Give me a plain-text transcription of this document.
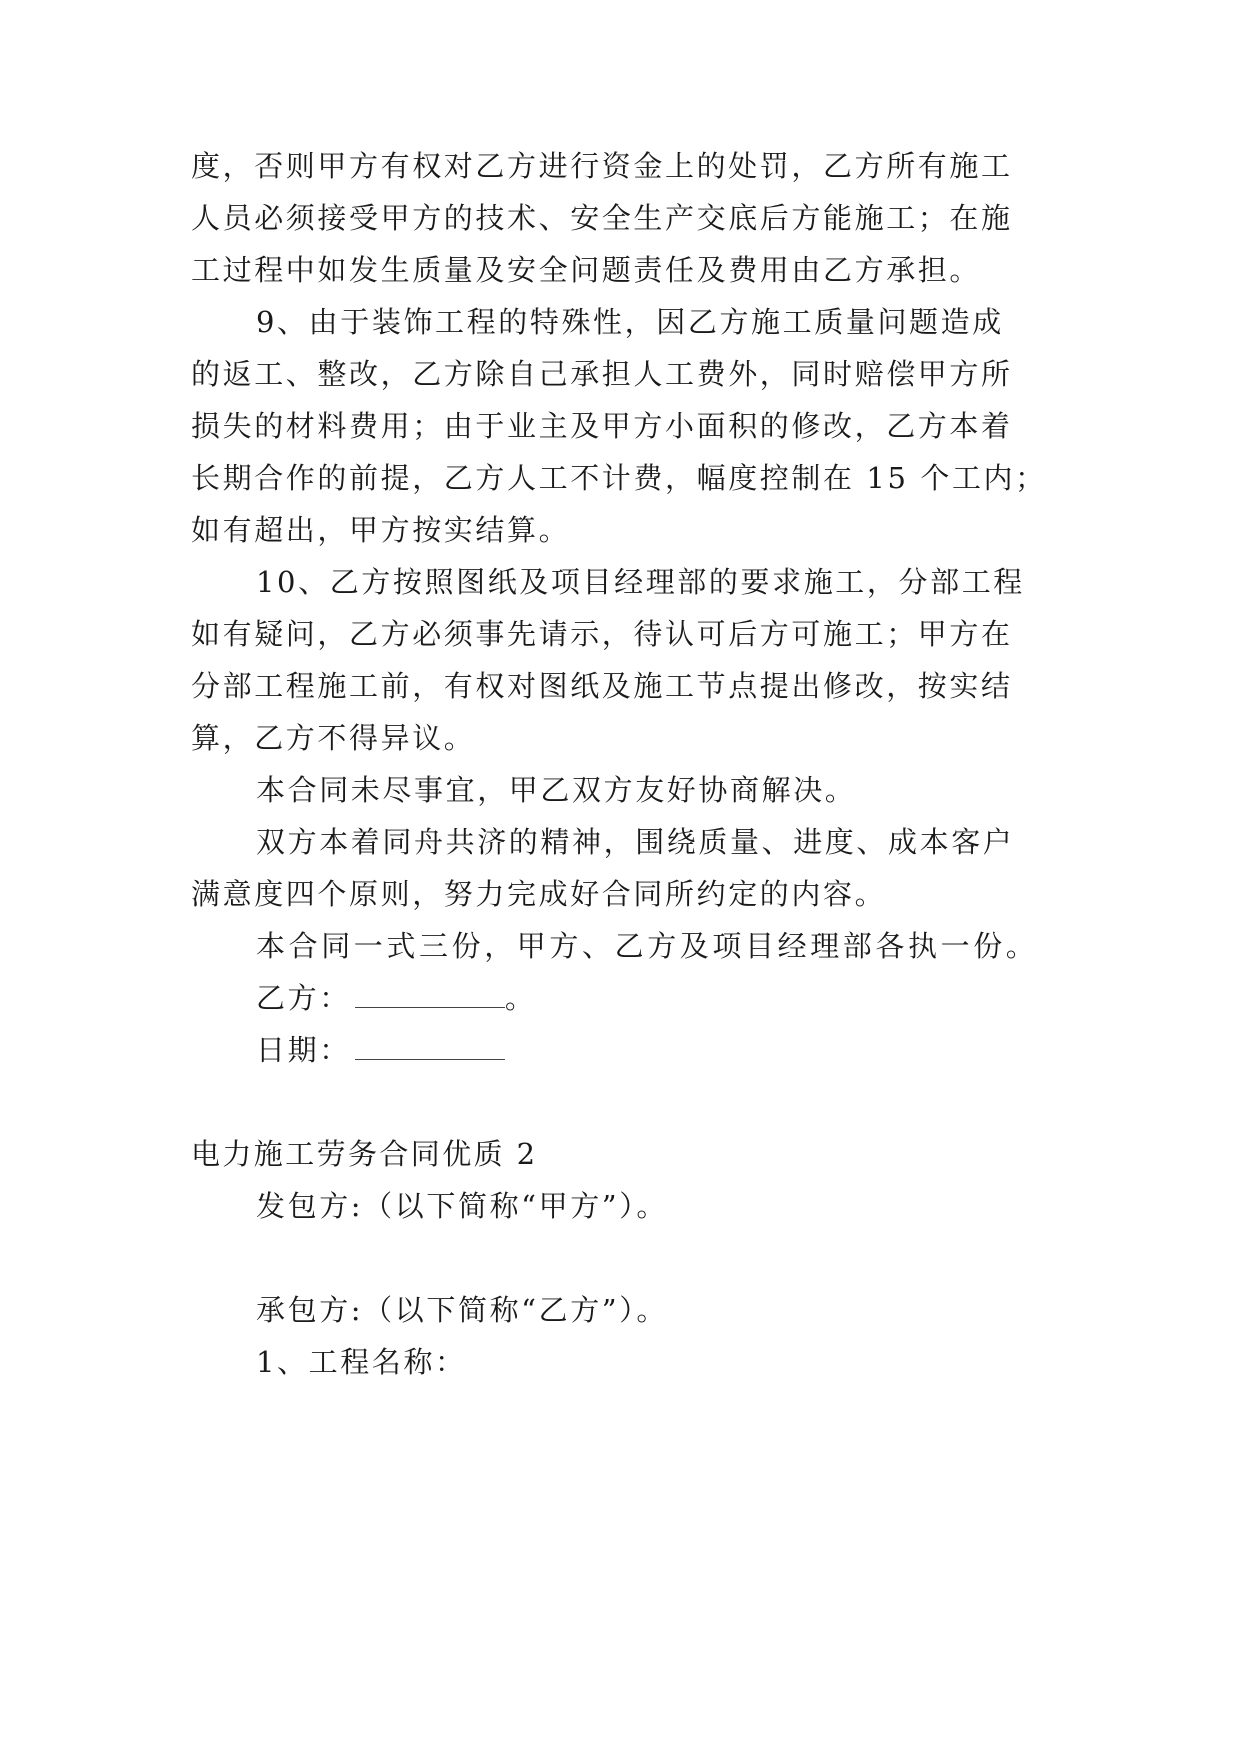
度，否则甲方有权对乙方进行资金上的处罚，乙方所有施工
人员必须接受甲方的技术、安全生产交底后方能施工；在施
工过程中如发生质量及安全问题责任及费用由乙方承担。
9、由于装饰工程的特殊性，因乙方施工质量问题造成
的返工、整改，乙方除自己承担人工费外，同时赔偿甲方所
损失的材料费用；由于业主及甲方小面积的修改，乙方本着
长期合作的前提，乙方人工不计费，幅度控制在 15 个工内；
如有超出，甲方按实结算。
10、乙方按照图纸及项目经理部的要求施工，分部工程
如有疑问，乙方必须事先请示，待认可后方可施工；甲方在
分部工程施工前，有权对图纸及施工节点提出修改，按实结
算，乙方不得异议。
本合同未尽事宜，甲乙双方友好协商解决。
双方本着同舟共济的精神，围绕质量、进度、成本客户
满意度四个原则，努力完成好合同所约定的内容。
本合同一式三份，甲方、乙方及项目经理部各执一份。
乙方：	。
日期：
电力施工劳务合同优质 2
发包方:（以下简称“甲方”）。
承包方:（以下简称“乙方”）。
1、工程名称：
